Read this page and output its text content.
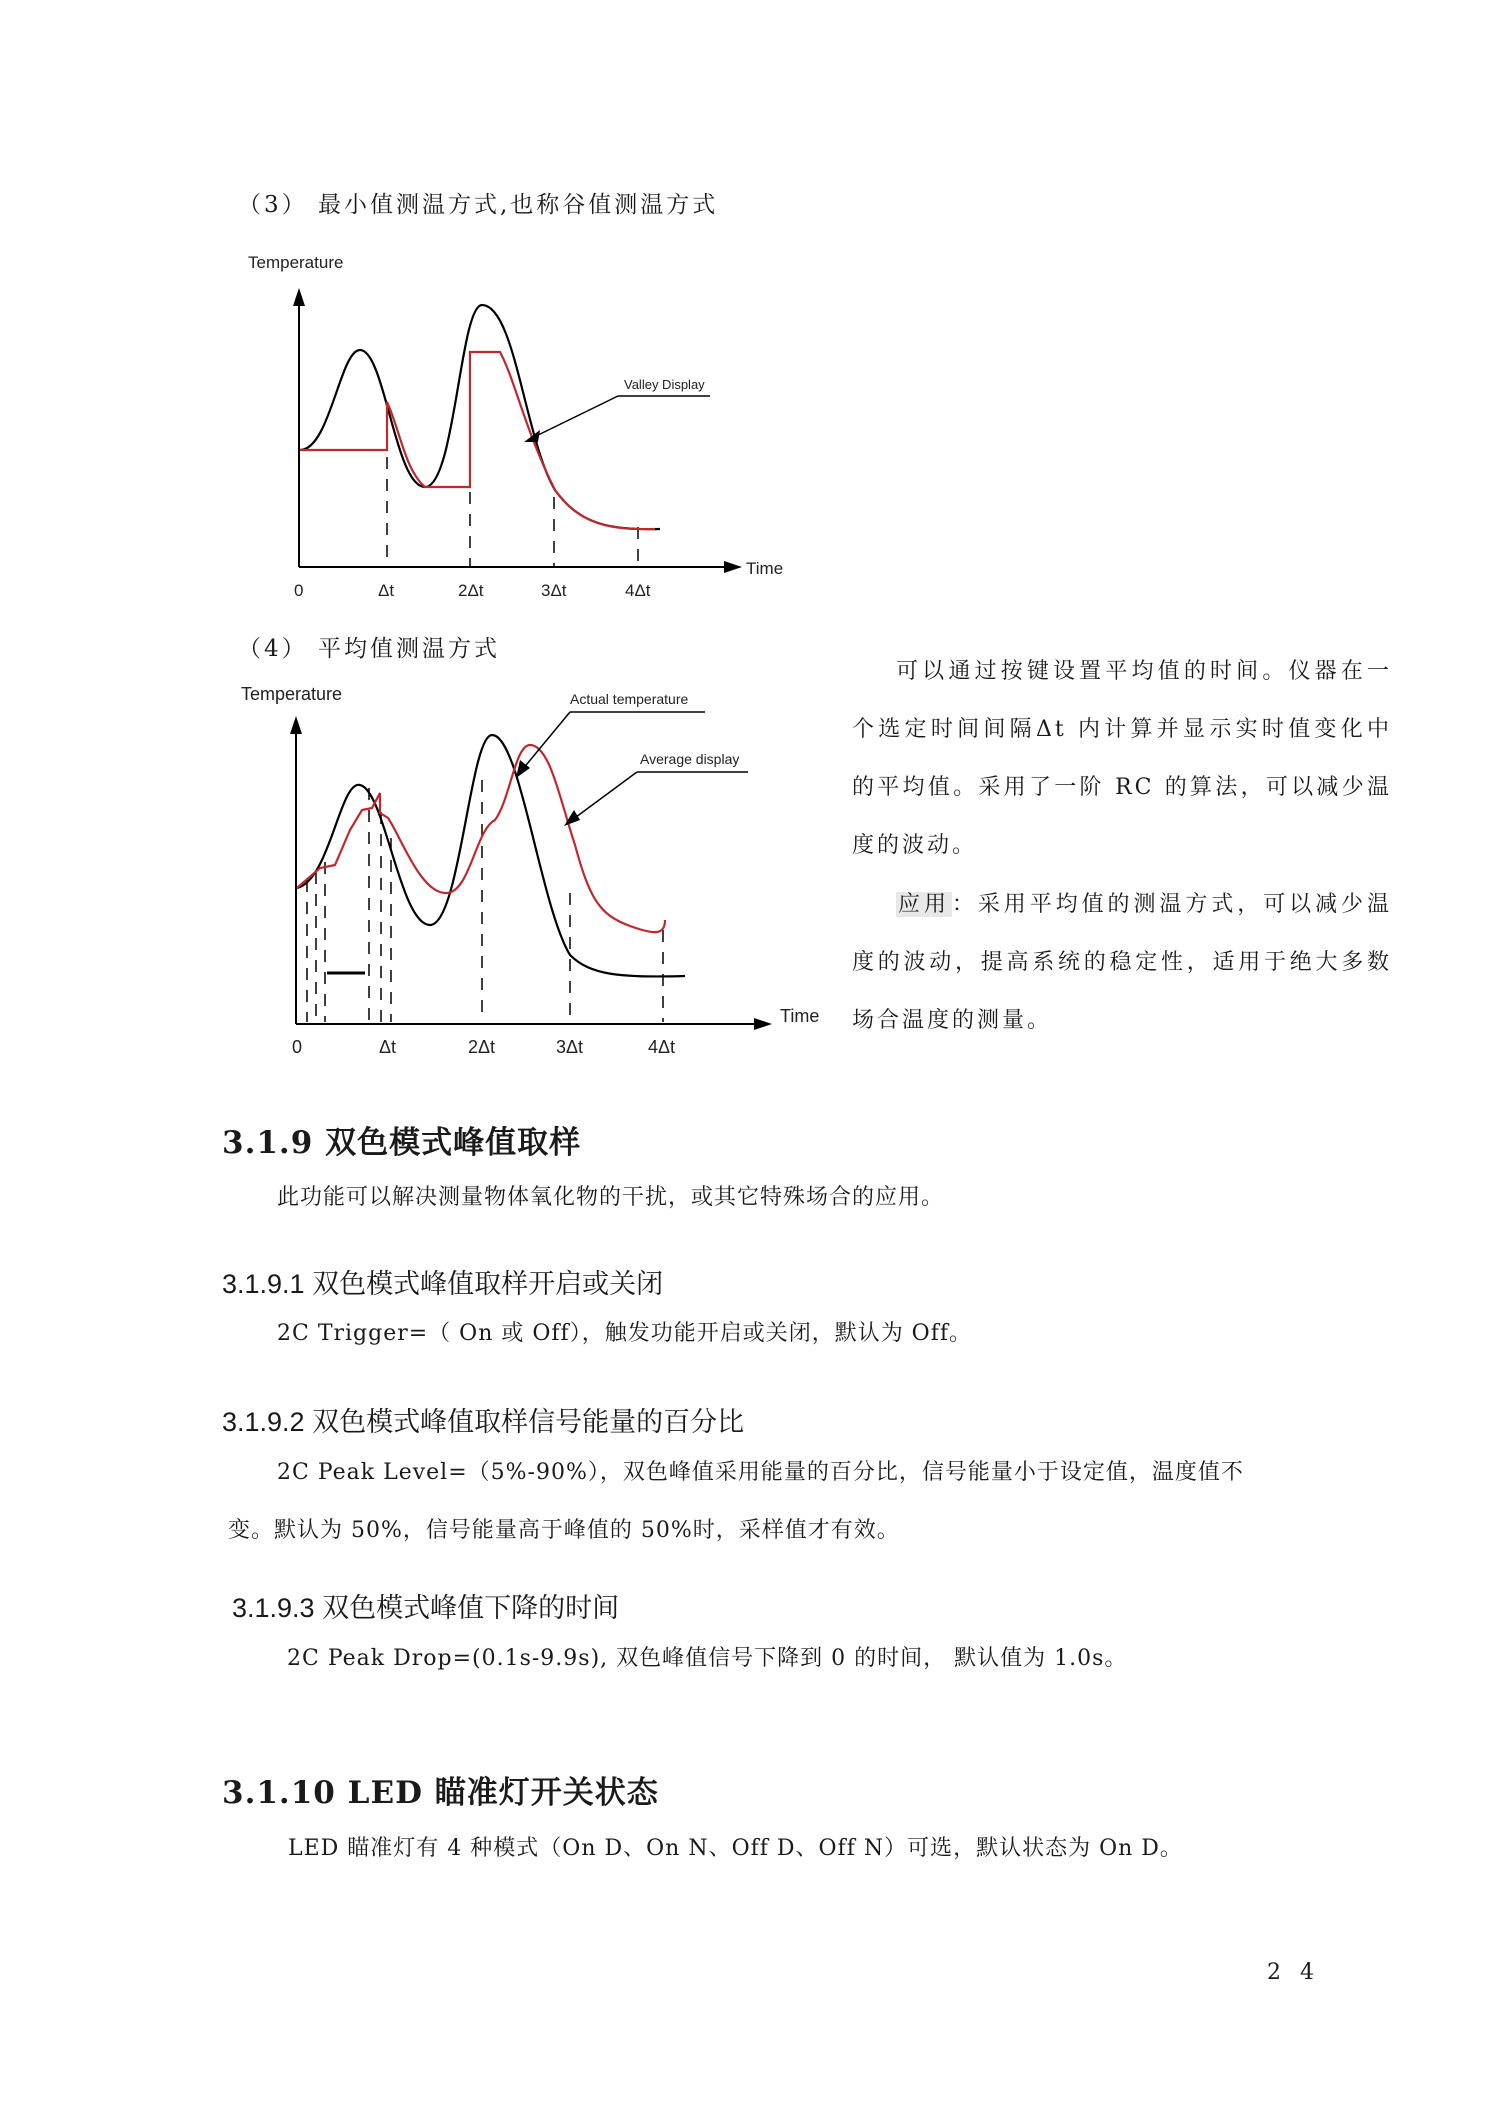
（3） 最小值测温方式,也称谷值测温方式
Temperature
Time
0	Δt	2Δt	3Δt	4Δt
Valley Display
（4） 平均值测温方式
Temperature
Time
0	Δt	2Δt	3Δt	4Δt
Actual temperature
Average display
可以通过按键设置平均值的时间。仪器在一个选定时间间隔Δt 内计算并显示实时值变化中的平均值。采用了一阶 RC 的算法，可以减少温度的波动。
应用：采用平均值的测温方式，可以减少温度的波动，提高系统的稳定性，适用于绝大多数场合温度的测量。
3.1.9 双色模式峰值取样
此功能可以解决测量物体氧化物的干扰，或其它特殊场合的应用。
3.1.9.1 双色模式峰值取样开启或关闭
2C Trigger=（ On 或 Off），触发功能开启或关闭，默认为 Off。
3.1.9.2 双色模式峰值取样信号能量的百分比
2C Peak Level=（5%-90%），双色峰值采用能量的百分比，信号能量小于设定值，温度值不
变。默认为 50%，信号能量高于峰值的 50%时，采样值才有效。
3.1.9.3 双色模式峰值下降的时间
2C Peak Drop=(0.1s-9.9s), 双色峰值信号下降到 0 的时间， 默认值为 1.0s。
3.1.10 LED 瞄准灯开关状态
LED 瞄准灯有 4 种模式（On D、On N、Off D、Off N）可选，默认状态为 On D。
2 4
